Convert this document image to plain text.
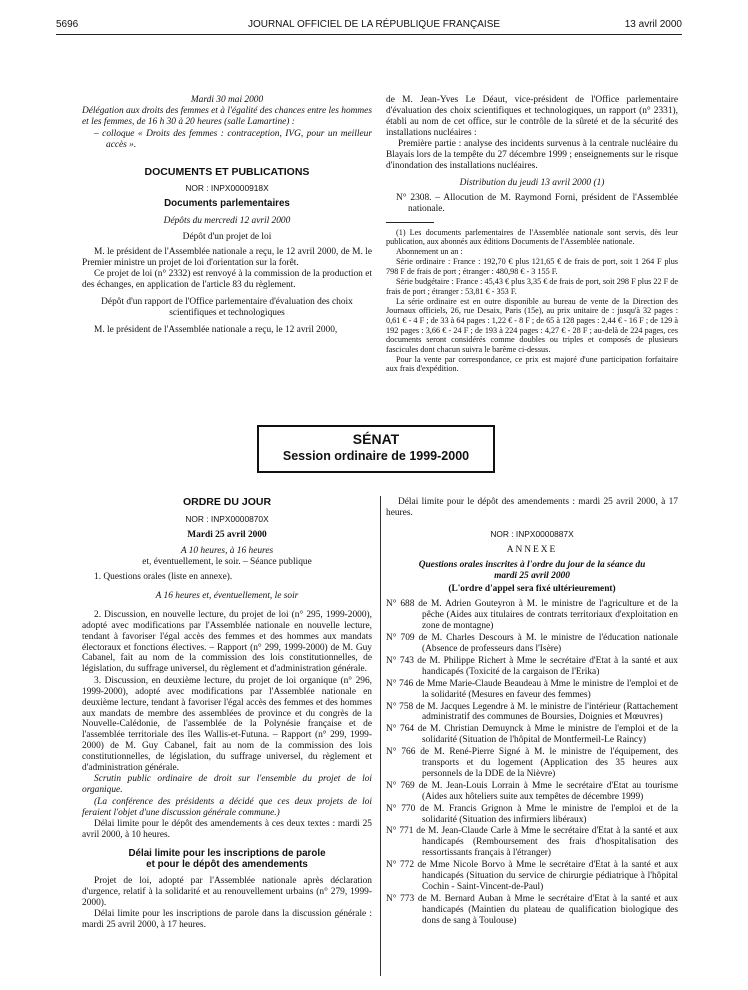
5696	JOURNAL OFFICIEL DE LA RÉPUBLIQUE FRANÇAISE	13 avril 2000

Mardi 30 mai 2000

Délégation aux droits des femmes et à l'égalité des chances entre les hommes et les femmes, de 16 h 30 à 20 heures (salle Lamartine) :

– colloque « Droits des femmes : contraception, IVG, pour un meilleur accès ».

DOCUMENTS ET PUBLICATIONS
NOR : INPX0000918X
Documents parlementaires

Dépôts du mercredi 12 avril 2000

Dépôt d'un projet de loi

M. le président de l'Assemblée nationale a reçu, le 12 avril 2000, de M. le Premier ministre un projet de loi d'orientation sur la forêt.

Ce projet de loi (n° 2332) est renvoyé à la commission de la production et des échanges, en application de l'article 83 du règlement.

Dépôt d'un rapport de l'Office parlementaire d'évaluation des choix scientifiques et technologiques

M. le président de l'Assemblée nationale a reçu, le 12 avril 2000,

de M. Jean-Yves Le Déaut, vice-président de l'Office parlementaire d'évaluation des choix scientifiques et technologiques, un rapport (n° 2331), établi au nom de cet office, sur le contrôle de la sûreté et de la sécurité des installations nucléaires :

Première partie : analyse des incidents survenus à la centrale nucléaire du Blayais lors de la tempête du 27 décembre 1999 ; enseignements sur le risque d'inondation des installations nucléaires.

Distribution du jeudi 13 avril 2000 (1)

N° 2308. – Allocution de M. Raymond Forni, président de l'Assemblée nationale.

(1) Les documents parlementaires de l'Assemblée nationale sont servis, dès leur publication, aux abonnés aux éditions Documents de l'Assemblée nationale.

Abonnement un an :

Série ordinaire : France : 192,70 € plus 121,65 € de frais de port, soit 1 264 F plus 798 F de frais de port ; étranger : 480,98 € - 3 155 F.

Série budgétaire : France : 45,43 € plus 3,35 € de frais de port, soit 298 F plus 22 F de frais de port ; étranger : 53,81 € - 353 F.

La série ordinaire est en outre disponible au bureau de vente de la Direction des Journaux officiels, 26, rue Desaix, Paris (15e), au prix unitaire de : jusqu'à 32 pages : 0,61 € - 4 F ; de 33 à 64 pages : 1,22 € - 8 F ; de 65 à 128 pages : 2,44 € - 16 F ; de 129 à 192 pages : 3,66 € - 24 F ; de 193 à 224 pages : 4,27 € - 28 F ; au-delà de 224 pages, ces documents seront considérés comme doubles ou triples et composés de plusieurs fascicules dont chacun suivra le barème ci-dessus.

Pour la vente par correspondance, ce prix est majoré d'une participation forfaitaire aux frais d'expédition.

SÉNAT
Session ordinaire de 1999-2000
ORDRE DU JOUR
NOR : INPX0000870X

Mardi 25 avril 2000

A 10 heures, à 16 heures

et, éventuellement, le soir. – Séance publique

1. Questions orales (liste en annexe).

A 16 heures et, éventuellement, le soir

2. Discussion, en nouvelle lecture, du projet de loi (n° 295, 1999-2000), adopté avec modifications par l'Assemblée nationale en nouvelle lecture, tendant à favoriser l'égal accès des femmes et des hommes aux mandats électoraux et fonctions électives. – Rapport (n° 299, 1999-2000) de M. Guy Cabanel, fait au nom de la commission des lois constitutionnelles, de législation, du suffrage universel, du règlement et d'administration générale.

3. Discussion, en deuxième lecture, du projet de loi organique (n° 296, 1999-2000), adopté avec modifications par l'Assemblée nationale en deuxième lecture, tendant à favoriser l'égal accès des femmes et des hommes aux mandats de membre des assemblées de province et du congrès de la Nouvelle-Calédonie, de l'assemblée de la Polynésie française et de l'assemblée territoriale des îles Wallis-et-Futuna. – Rapport (n° 299, 1999-2000) de M. Guy Cabanel, fait au nom de la commission des lois constitutionnelles, de législation, du suffrage universel, du règlement et d'administration générale.

Scrutin public ordinaire de droit sur l'ensemble du projet de loi organique.

(La conférence des présidents a décidé que ces deux projets de loi feraient l'objet d'une discussion générale commune.)

Délai limite pour le dépôt des amendements à ces deux textes : mardi 25 avril 2000, à 10 heures.

Délai limite pour les inscriptions de parole
et pour le dépôt des amendements

Projet de loi, adopté par l'Assemblée nationale après déclaration d'urgence, relatif à la solidarité et au renouvellement urbains (n° 279, 1999-2000).

Délai limite pour les inscriptions de parole dans la discussion générale : mardi 25 avril 2000, à 17 heures.

Délai limite pour le dépôt des amendements : mardi 25 avril 2000, à 17 heures.

NOR : INPX0000887X

ANNEXE

Questions orales inscrites à l'ordre du jour de la séance du mardi 25 avril 2000

(L'ordre d'appel sera fixé ultérieurement)

N° 688 de M. Adrien Gouteyron à M. le ministre de l'agriculture et de la pêche (Aides aux titulaires de contrats territoriaux d'exploitation en zone de montagne)

N° 709 de M. Charles Descours à M. le ministre de l'éducation nationale (Absence de professeurs dans l'Isère)

N° 743 de M. Philippe Richert à Mme le secrétaire d'Etat à la santé et aux handicapés (Toxicité de la cargaison de l'Erika)

N° 746 de Mme Marie-Claude Beaudeau à Mme le ministre de l'emploi et de la solidarité (Mesures en faveur des femmes)

N° 758 de M. Jacques Legendre à M. le ministre de l'intérieur (Rattachement administratif des communes de Boursies, Doignies et Mœuvres)

N° 764 de M. Christian Demuynck à Mme le ministre de l'emploi et de la solidarité (Situation de l'hôpital de Montfermeil-Le Raincy)

N° 766 de M. René-Pierre Signé à M. le ministre de l'équipement, des transports et du logement (Application des 35 heures aux personnels de la DDE de la Nièvre)

N° 769 de M. Jean-Louis Lorrain à Mme le secrétaire d'Etat au tourisme (Aides aux hôteliers suite aux tempêtes de décembre 1999)

N° 770 de M. Francis Grignon à Mme le ministre de l'emploi et de la solidarité (Situation des infirmiers libéraux)

N° 771 de M. Jean-Claude Carle à Mme le secrétaire d'Etat à la santé et aux handicapés (Remboursement des frais d'hospitalisation des ressortissants français à l'étranger)

N° 772 de Mme Nicole Borvo à Mme le secrétaire d'Etat à la santé et aux handicapés (Situation du service de chirurgie pédiatrique à l'hôpital Cochin - Saint-Vincent-de-Paul)

N° 773 de M. Bernard Auban à Mme le secrétaire d'Etat à la santé et aux handicapés (Maintien du plateau de qualification biologique des dons de sang à Toulouse)
